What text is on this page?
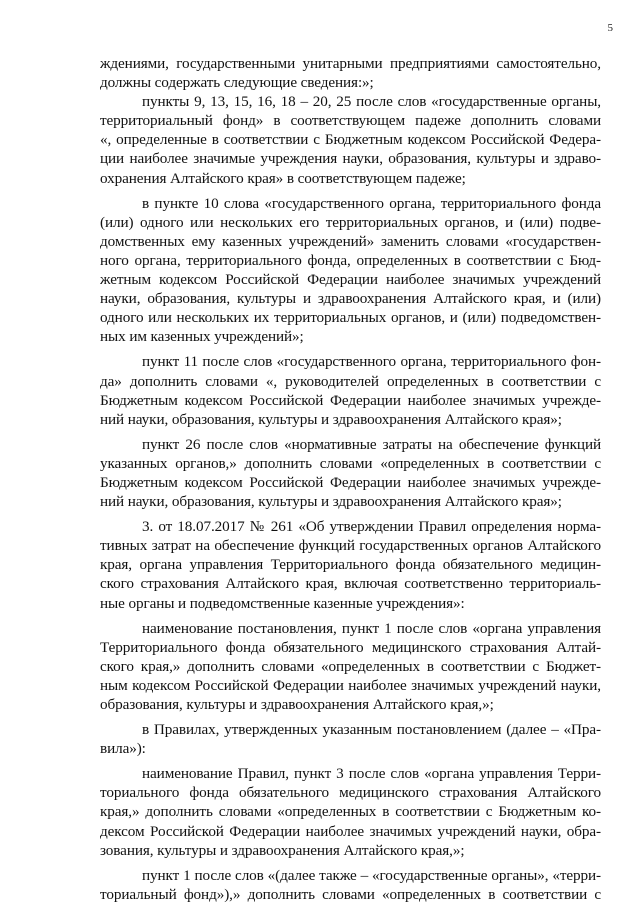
5
ждениями, государственными унитарными предприятиями самостоятельно,
должны содержать следующие сведения:»;
пункты 9, 13, 15, 16, 18 – 20, 25 после слов «государственные органы,
территориальный фонд» в соответствующем падеже дополнить словами
«, определенные в соответствии с Бюджетным кодексом Российской Федера-
ции наиболее значимые учреждения науки, образования, культуры и здраво-
охранения Алтайского края» в соответствующем падеже;
в пункте 10 слова «государственного органа, территориального фонда
(или) одного или нескольких его территориальных органов, и (или) подве-
домственных ему казенных учреждений» заменить словами «государствен-
ного органа, территориального фонда, определенных в соответствии с Бюд-
жетным кодексом Российской Федерации наиболее значимых учреждений
науки, образования, культуры и здравоохранения Алтайского края, и (или)
одного или нескольких их территориальных органов, и (или) подведомствен-
ных им казенных учреждений»;
пункт 11 после слов «государственного органа, территориального фон-
да» дополнить словами «, руководителей определенных в соответствии с
Бюджетным кодексом Российской Федерации наиболее значимых учрежде-
ний науки, образования, культуры и здравоохранения Алтайского края»;
пункт 26 после слов «нормативные затраты на обеспечение функций
указанных органов,» дополнить словами «определенных в соответствии с
Бюджетным кодексом Российской Федерации наиболее значимых учрежде-
ний науки, образования, культуры и здравоохранения Алтайского края»;
3. от 18.07.2017 № 261 «Об утверждении Правил определения норма-
тивных затрат на обеспечение функций государственных органов Алтайского
края, органа управления Территориального фонда обязательного медицин-
ского страхования Алтайского края, включая соответственно территориаль-
ные органы и подведомственные казенные учреждения»:
наименование постановления, пункт 1 после слов «органа управления
Территориального фонда обязательного медицинского страхования Алтай-
ского края,» дополнить словами «определенных в соответствии с Бюджет-
ным кодексом Российской Федерации наиболее значимых учреждений науки,
образования, культуры и здравоохранения Алтайского края,»;
в Правилах, утвержденных указанным постановлением (далее – «Пра-
вила»):
наименование Правил, пункт 3 после слов «органа управления Терри-
ториального фонда обязательного медицинского страхования Алтайского
края,» дополнить словами «определенных в соответствии с Бюджетным ко-
дексом Российской Федерации наиболее значимых учреждений науки, обра-
зования, культуры и здравоохранения Алтайского края,»;
пункт 1 после слов «(далее также – «государственные органы», «терри-
ториальный фонд»),» дополнить словами «определенных в соответствии с
